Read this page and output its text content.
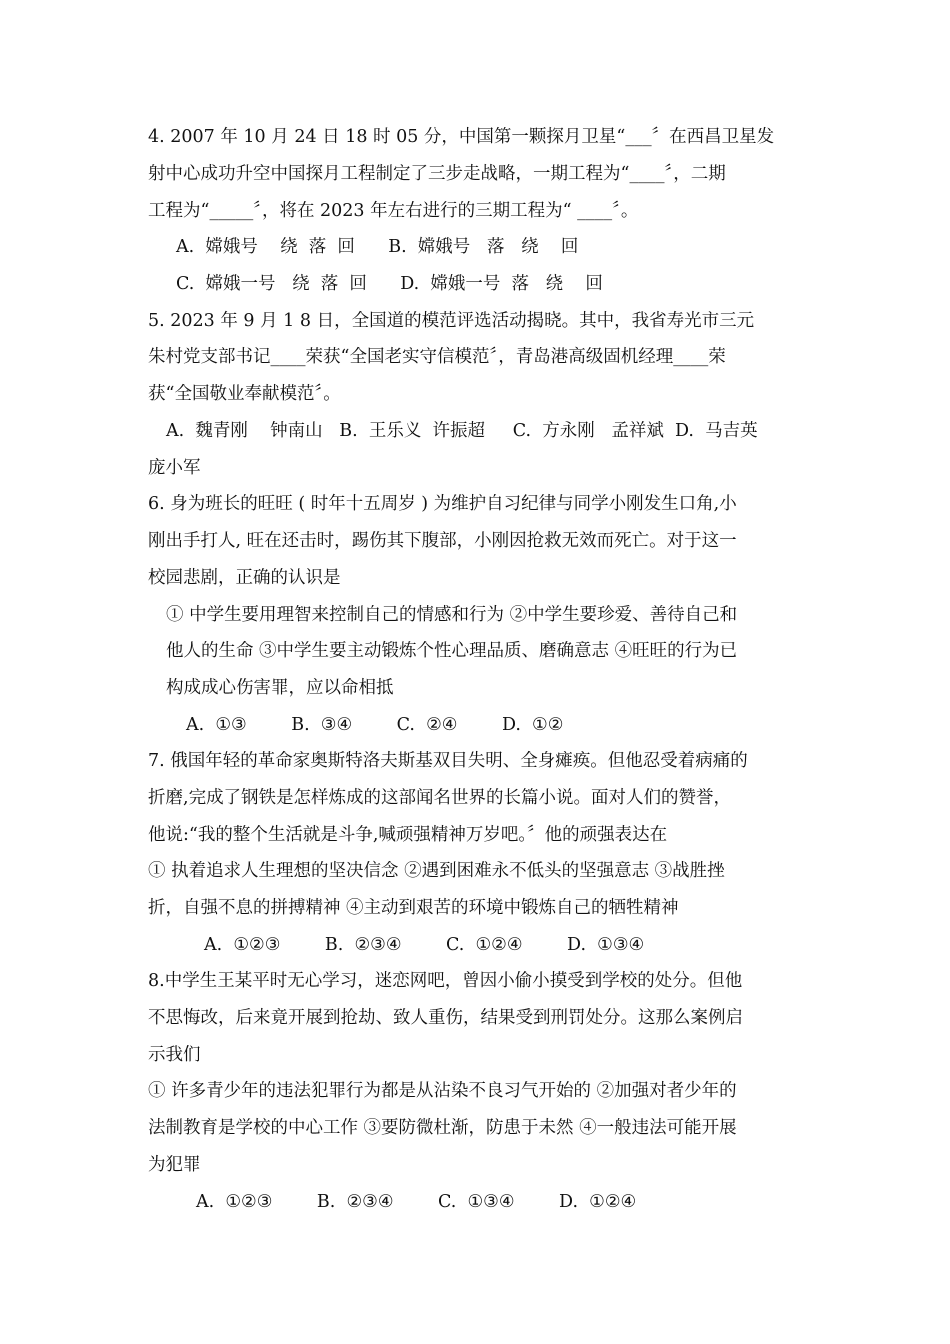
4. 2007 年 10 月 24 日 18 时 05 分，中国第一颗探月卫星“___〞在西昌卫星发
射中心成功升空中国探月工程制定了三步走战略，一期工程为“____〞，二期
工程为“_____〞，将在 2023 年左右进行的三期工程为“ ____〞。
A.  嫦娥号    绕  落  回      B.  嫦娥号   落   绕    回
C.  嫦娥一号   绕  落  回      D.  嫦娥一号  落   绕    回
5. 2023 年 9 月 1 8 日，全国道的模范评选活动揭晓。其中，我省寿光市三元
朱村党支部书记____荣获“全国老实守信模范〞，青岛港高级固机经理____荣
获“全国敬业奉献模范〞。
A.  魏青刚    钟南山   B.  王乐义  许振超     C.  方永刚   孟祥斌  D.  马吉英
庞小军
6. 身为班长的旺旺 ( 时年十五周岁 ) 为维护自习纪律与同学小刚发生口角,小
刚出手打人, 旺在还击时，踢伤其下腹部，小刚因抢救无效而死亡。对于这一
校园悲剧，正确的认识是
① 中学生要用理智来控制自己的情感和行为 ②中学生要珍爱、善待自己和
他人的生命 ③中学生要主动锻炼个性心理品质、磨确意志 ④旺旺的行为已
构成成心伤害罪，应以命相抵
A.  ①③        B.  ③④        C.  ②④        D.  ①②
7. 俄国年轻的革命家奥斯特洛夫斯基双目失明、全身瘫痪。但他忍受着病痛的
折磨,完成了钢铁是怎样炼成的这部闻名世界的长篇小说。面对人们的赞誉，
他说:“我的整个生活就是斗争,喊顽强精神万岁吧。〞他的顽强表达在
① 执着追求人生理想的坚决信念 ②遇到困难永不低头的坚强意志 ③战胜挫
折，自强不息的拼搏精神 ④主动到艰苦的环境中锻炼自己的牺牲精神
A.  ①②③        B.  ②③④        C.  ①②④        D.  ①③④
8.中学生王某平时无心学习，迷恋网吧，曾因小偷小摸受到学校的处分。但他
不思悔改，后来竟开展到抢劫、致人重伤，结果受到刑罚处分。这那么案例启
示我们
① 许多青少年的违法犯罪行为都是从沾染不良习气开始的 ②加强对者少年的
法制教育是学校的中心工作 ③要防微杜渐，防患于未然 ④一般违法可能开展
为犯罪
A.  ①②③        B.  ②③④        C.  ①③④        D.  ①②④
